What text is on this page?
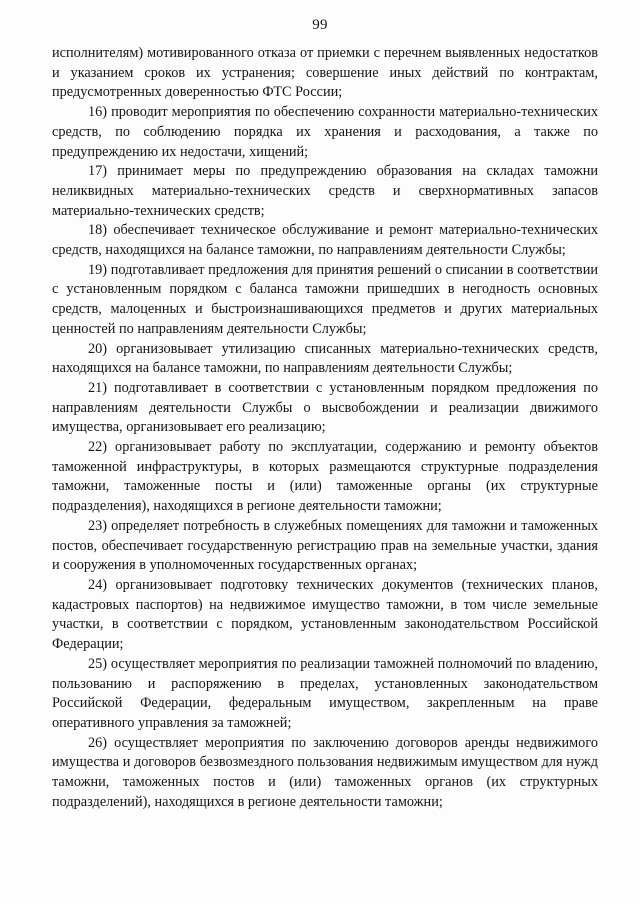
99

исполнителям) мотивированного отказа от приемки с перечнем выявленных недостатков и указанием сроков их устранения; совершение иных действий по контрактам, предусмотренных доверенностью ФТС России;

16) проводит мероприятия по обеспечению сохранности материально-технических средств, по соблюдению порядка их хранения и расходования, а также по предупреждению их недостачи, хищений;

17) принимает меры по предупреждению образования на складах таможни неликвидных материально-технических средств и сверхнормативных запасов материально-технических средств;

18) обеспечивает техническое обслуживание и ремонт материально-технических средств, находящихся на балансе таможни, по направлениям деятельности Службы;

19) подготавливает предложения для принятия решений о списании в соответствии с установленным порядком с баланса таможни пришедших в негодность основных средств, малоценных и быстроизнашивающихся предметов и других материальных ценностей по направлениям деятельности Службы;

20) организовывает утилизацию списанных материально-технических средств, находящихся на балансе таможни, по направлениям деятельности Службы;

21) подготавливает в соответствии с установленным порядком предложения по направлениям деятельности Службы о высвобождении и реализации движимого имущества, организовывает его реализацию;

22) организовывает работу по эксплуатации, содержанию и ремонту объектов таможенной инфраструктуры, в которых размещаются структурные подразделения таможни, таможенные посты и (или) таможенные органы (их структурные подразделения), находящихся в регионе деятельности таможни;

23) определяет потребность в служебных помещениях для таможни и таможенных постов, обеспечивает государственную регистрацию прав на земельные участки, здания и сооружения в уполномоченных государственных органах;

24) организовывает подготовку технических документов (технических планов, кадастровых паспортов) на недвижимое имущество таможни, в том числе земельные участки, в соответствии с порядком, установленным законодательством Российской Федерации;

25) осуществляет мероприятия по реализации таможней полномочий по владению, пользованию и распоряжению в пределах, установленных законодательством Российской Федерации, федеральным имуществом, закрепленным на праве оперативного управления за таможней;

26) осуществляет мероприятия по заключению договоров аренды недвижимого имущества и договоров безвозмездного пользования недвижимым имуществом для нужд таможни, таможенных постов и (или) таможенных органов (их структурных подразделений), находящихся в регионе деятельности таможни;
